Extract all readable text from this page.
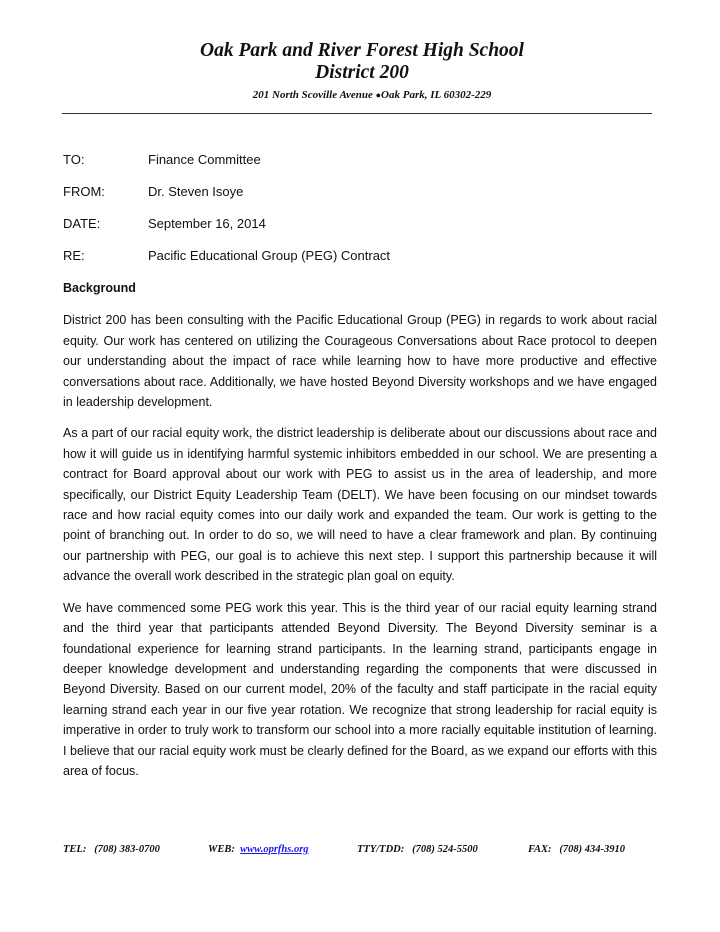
Oak Park and River Forest High School
District 200
201 North Scoville Avenue ●Oak Park, IL 60302-229
TO:	Finance Committee
FROM:	Dr. Steven Isoye
DATE:	September 16, 2014
RE:	Pacific Educational Group (PEG) Contract

Background

District 200 has been consulting with the Pacific Educational Group (PEG) in regards to work about racial equity. Our work has centered on utilizing the Courageous Conversations about Race protocol to deepen our understanding about the impact of race while learning how to have more productive and effective conversations about race. Additionally, we have hosted Beyond Diversity workshops and we have engaged in leadership development.

As a part of our racial equity work, the district leadership is deliberate about our discussions about race and how it will guide us in identifying harmful systemic inhibitors embedded in our school. We are presenting a contract for Board approval about our work with PEG to assist us in the area of leadership, and more specifically, our District Equity Leadership Team (DELT). We have been focusing on our mindset towards race and how racial equity comes into our daily work and expanded the team. Our work is getting to the point of branching out. In order to do so, we will need to have a clear framework and plan. By continuing our partnership with PEG, our goal is to achieve this next step. I support this partnership because it will advance the overall work described in the strategic plan goal on equity.

We have commenced some PEG work this year. This is the third year of our racial equity learning strand and the third year that participants attended Beyond Diversity. The Beyond Diversity seminar is a foundational experience for learning strand participants. In the learning strand, participants engage in deeper knowledge development and understanding regarding the components that were discussed in Beyond Diversity. Based on our current model, 20% of the faculty and staff participate in the racial equity learning strand each year in our five year rotation. We recognize that strong leadership for racial equity is imperative in order to truly work to transform our school into a more racially equitable institution of learning. I believe that our racial equity work must be clearly defined for the Board, as we expand our efforts with this area of focus.

TEL: (708) 383-0700	WEB: www.oprfhs.org	TTY/TDD: (708) 524-5500	FAX: (708) 434-3910
